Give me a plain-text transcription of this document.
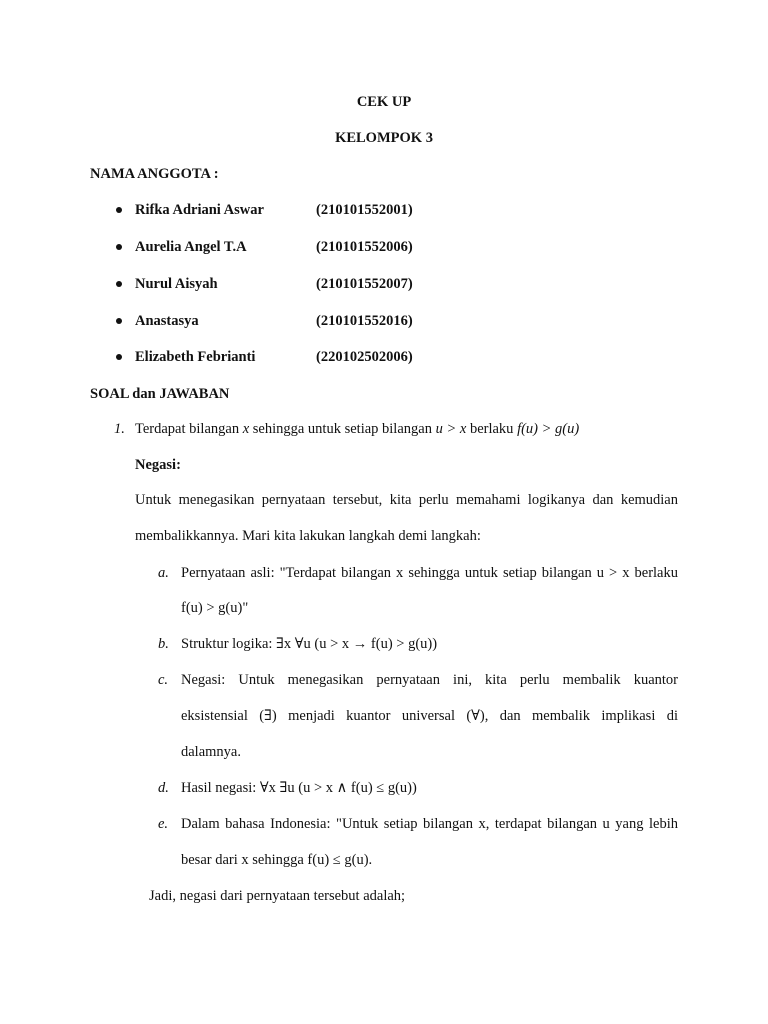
CEK UP
KELOMPOK 3
NAMA ANGGOTA :
Rifka Adriani Aswar	(210101552001)
Aurelia Angel T.A	(210101552006)
Nurul Aisyah	(210101552007)
Anastasya	(210101552016)
Elizabeth Febrianti	(220102502006)
SOAL dan JAWABAN
1. Terdapat bilangan x sehingga untuk setiap bilangan u > x berlaku f(u) > g(u)
Negasi:
Untuk menegasikan pernyataan tersebut, kita perlu memahami logikanya dan kemudian
membalikkannya. Mari kita lakukan langkah demi langkah:
a. Pernyataan asli: "Terdapat bilangan x sehingga untuk setiap bilangan u > x berlaku
f(u) > g(u)"
b. Struktur logika: ∃x ∀u (u > x → f(u) > g(u))
c. Negasi: Untuk menegasikan pernyataan ini, kita perlu membalik kuantor
eksistensial (∃) menjadi kuantor universal (∀), dan membalik implikasi di
dalamnya.
d. Hasil negasi: ∀x ∃u (u > x ∧ f(u) ≤ g(u))
e. Dalam bahasa Indonesia: "Untuk setiap bilangan x, terdapat bilangan u yang lebih
besar dari x sehingga f(u) ≤ g(u).
Jadi, negasi dari pernyataan tersebut adalah;
